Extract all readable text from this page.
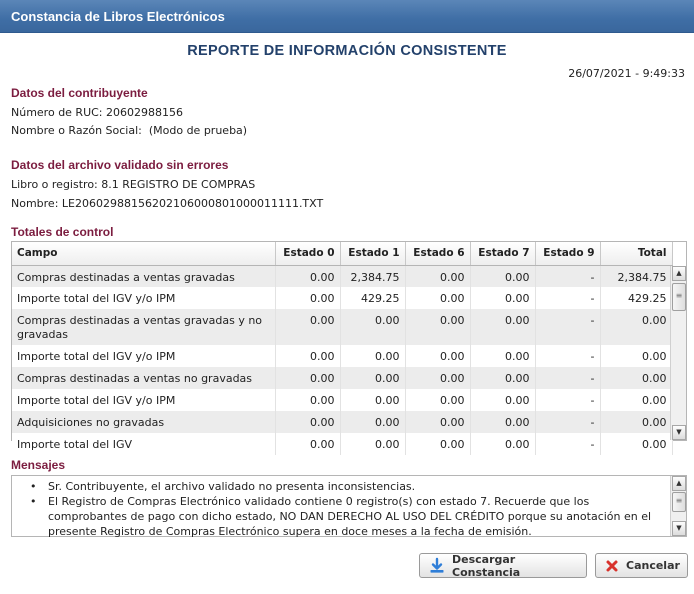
Constancia de Libros Electrónicos
REPORTE DE INFORMACIÓN CONSISTENTE
26/07/2021 - 9:49:33
Datos del contribuyente
Número de RUC: 20602988156
Nombre o Razón Social:  (Modo de prueba)
Datos del archivo validado sin errores
Libro o registro: 8.1 REGISTRO DE COMPRAS
Nombre: LE20602988156202106000801000011111.TXT
Totales de control
Campo	Estado 0	Estado 1	Estado 6	Estado 7	Estado 9	Total
Compras destinadas a ventas gravadas	0.00	2,384.75	0.00	0.00	-	2,384.75
Importe total del IGV y/o IPM	0.00	429.25	0.00	0.00	-	429.25
Compras destinadas a ventas gravadas y no gravadas	0.00	0.00	0.00	0.00	-	0.00
Importe total del IGV y/o IPM	0.00	0.00	0.00	0.00	-	0.00
Compras destinadas a ventas no gravadas	0.00	0.00	0.00	0.00	-	0.00
Importe total del IGV y/o IPM	0.00	0.00	0.00	0.00	-	0.00
Adquisiciones no gravadas	0.00	0.00	0.00	0.00	-	0.00
Importe total del IGV	0.00	0.00	0.00	0.00	-	0.00
▲
≡
▼
Mensajes
• Sr. Contribuyente, el archivo validado no presenta inconsistencias.
• El Registro de Compras Electrónico validado contiene 0 registro(s) con estado 7. Recuerde que los comprobantes de pago con dicho estado, NO DAN DERECHO AL USO DEL CRÉDITO porque su anotación en el presente Registro de Compras Electrónico supera en doce meses a la fecha de emisión.
▲
≡
▼
Descargar Constancia	Cancelar
